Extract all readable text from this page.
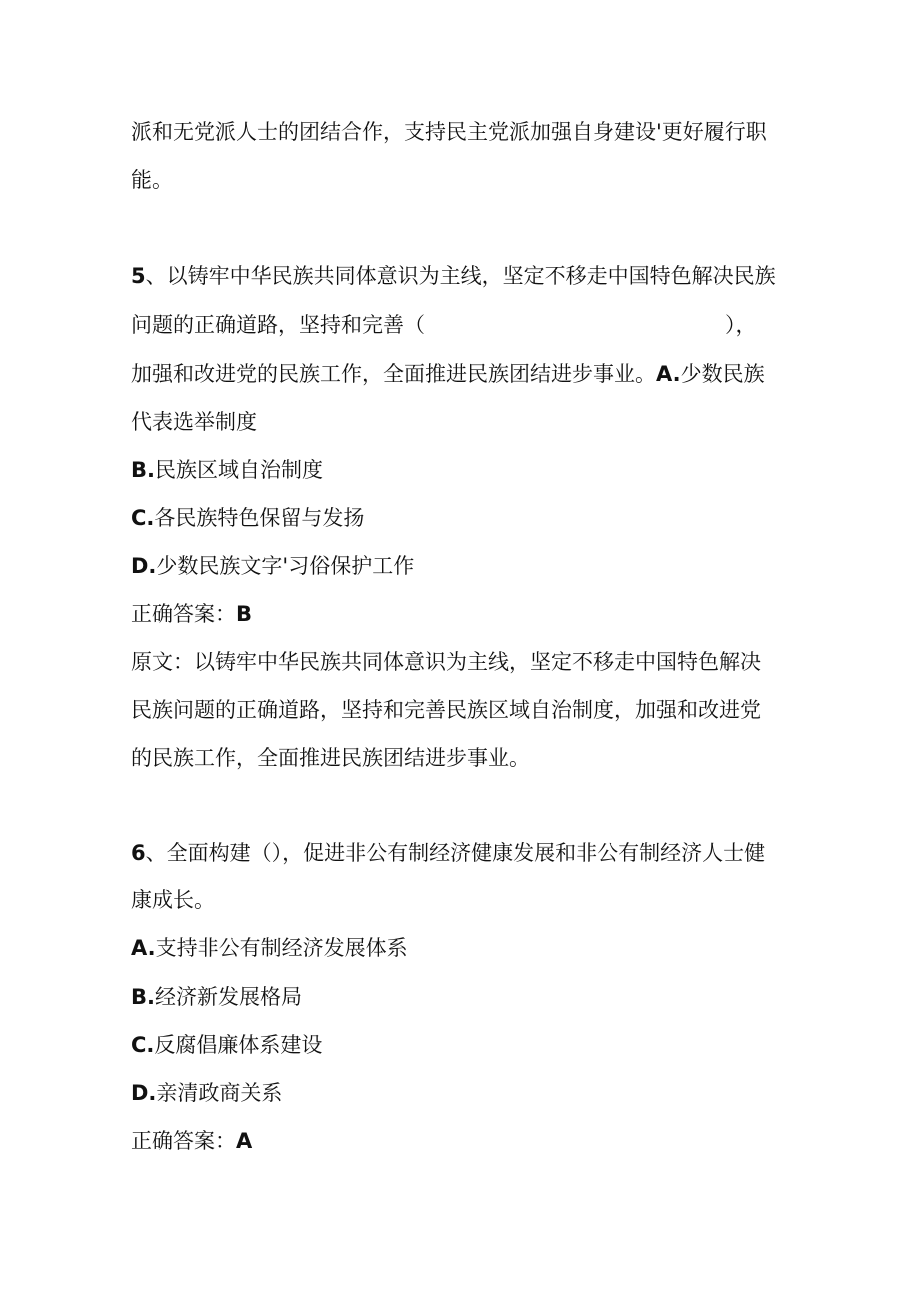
派和无党派人士的团结合作，支持民主党派加强自身建设'更好履行职
能。
5、以铸牢中华民族共同体意识为主线，坚定不移走中国特色解决民族
问题的正确道路，坚持和完善（	），
加强和改进党的民族工作，全面推进民族团结进步事业。A.少数民族
代表选举制度
B.民族区域自治制度
C.各民族特色保留与发扬
D.少数民族文字'习俗保护工作
正确答案：B
原文：以铸牢中华民族共同体意识为主线，坚定不移走中国特色解决
民族问题的正确道路，坚持和完善民族区域自治制度，加强和改进党
的民族工作，全面推进民族团结进步事业。
6、全面构建（），促进非公有制经济健康发展和非公有制经济人士健
康成长。
A.支持非公有制经济发展体系
B.经济新发展格局
C.反腐倡廉体系建设
D.亲清政商关系
正确答案：A
